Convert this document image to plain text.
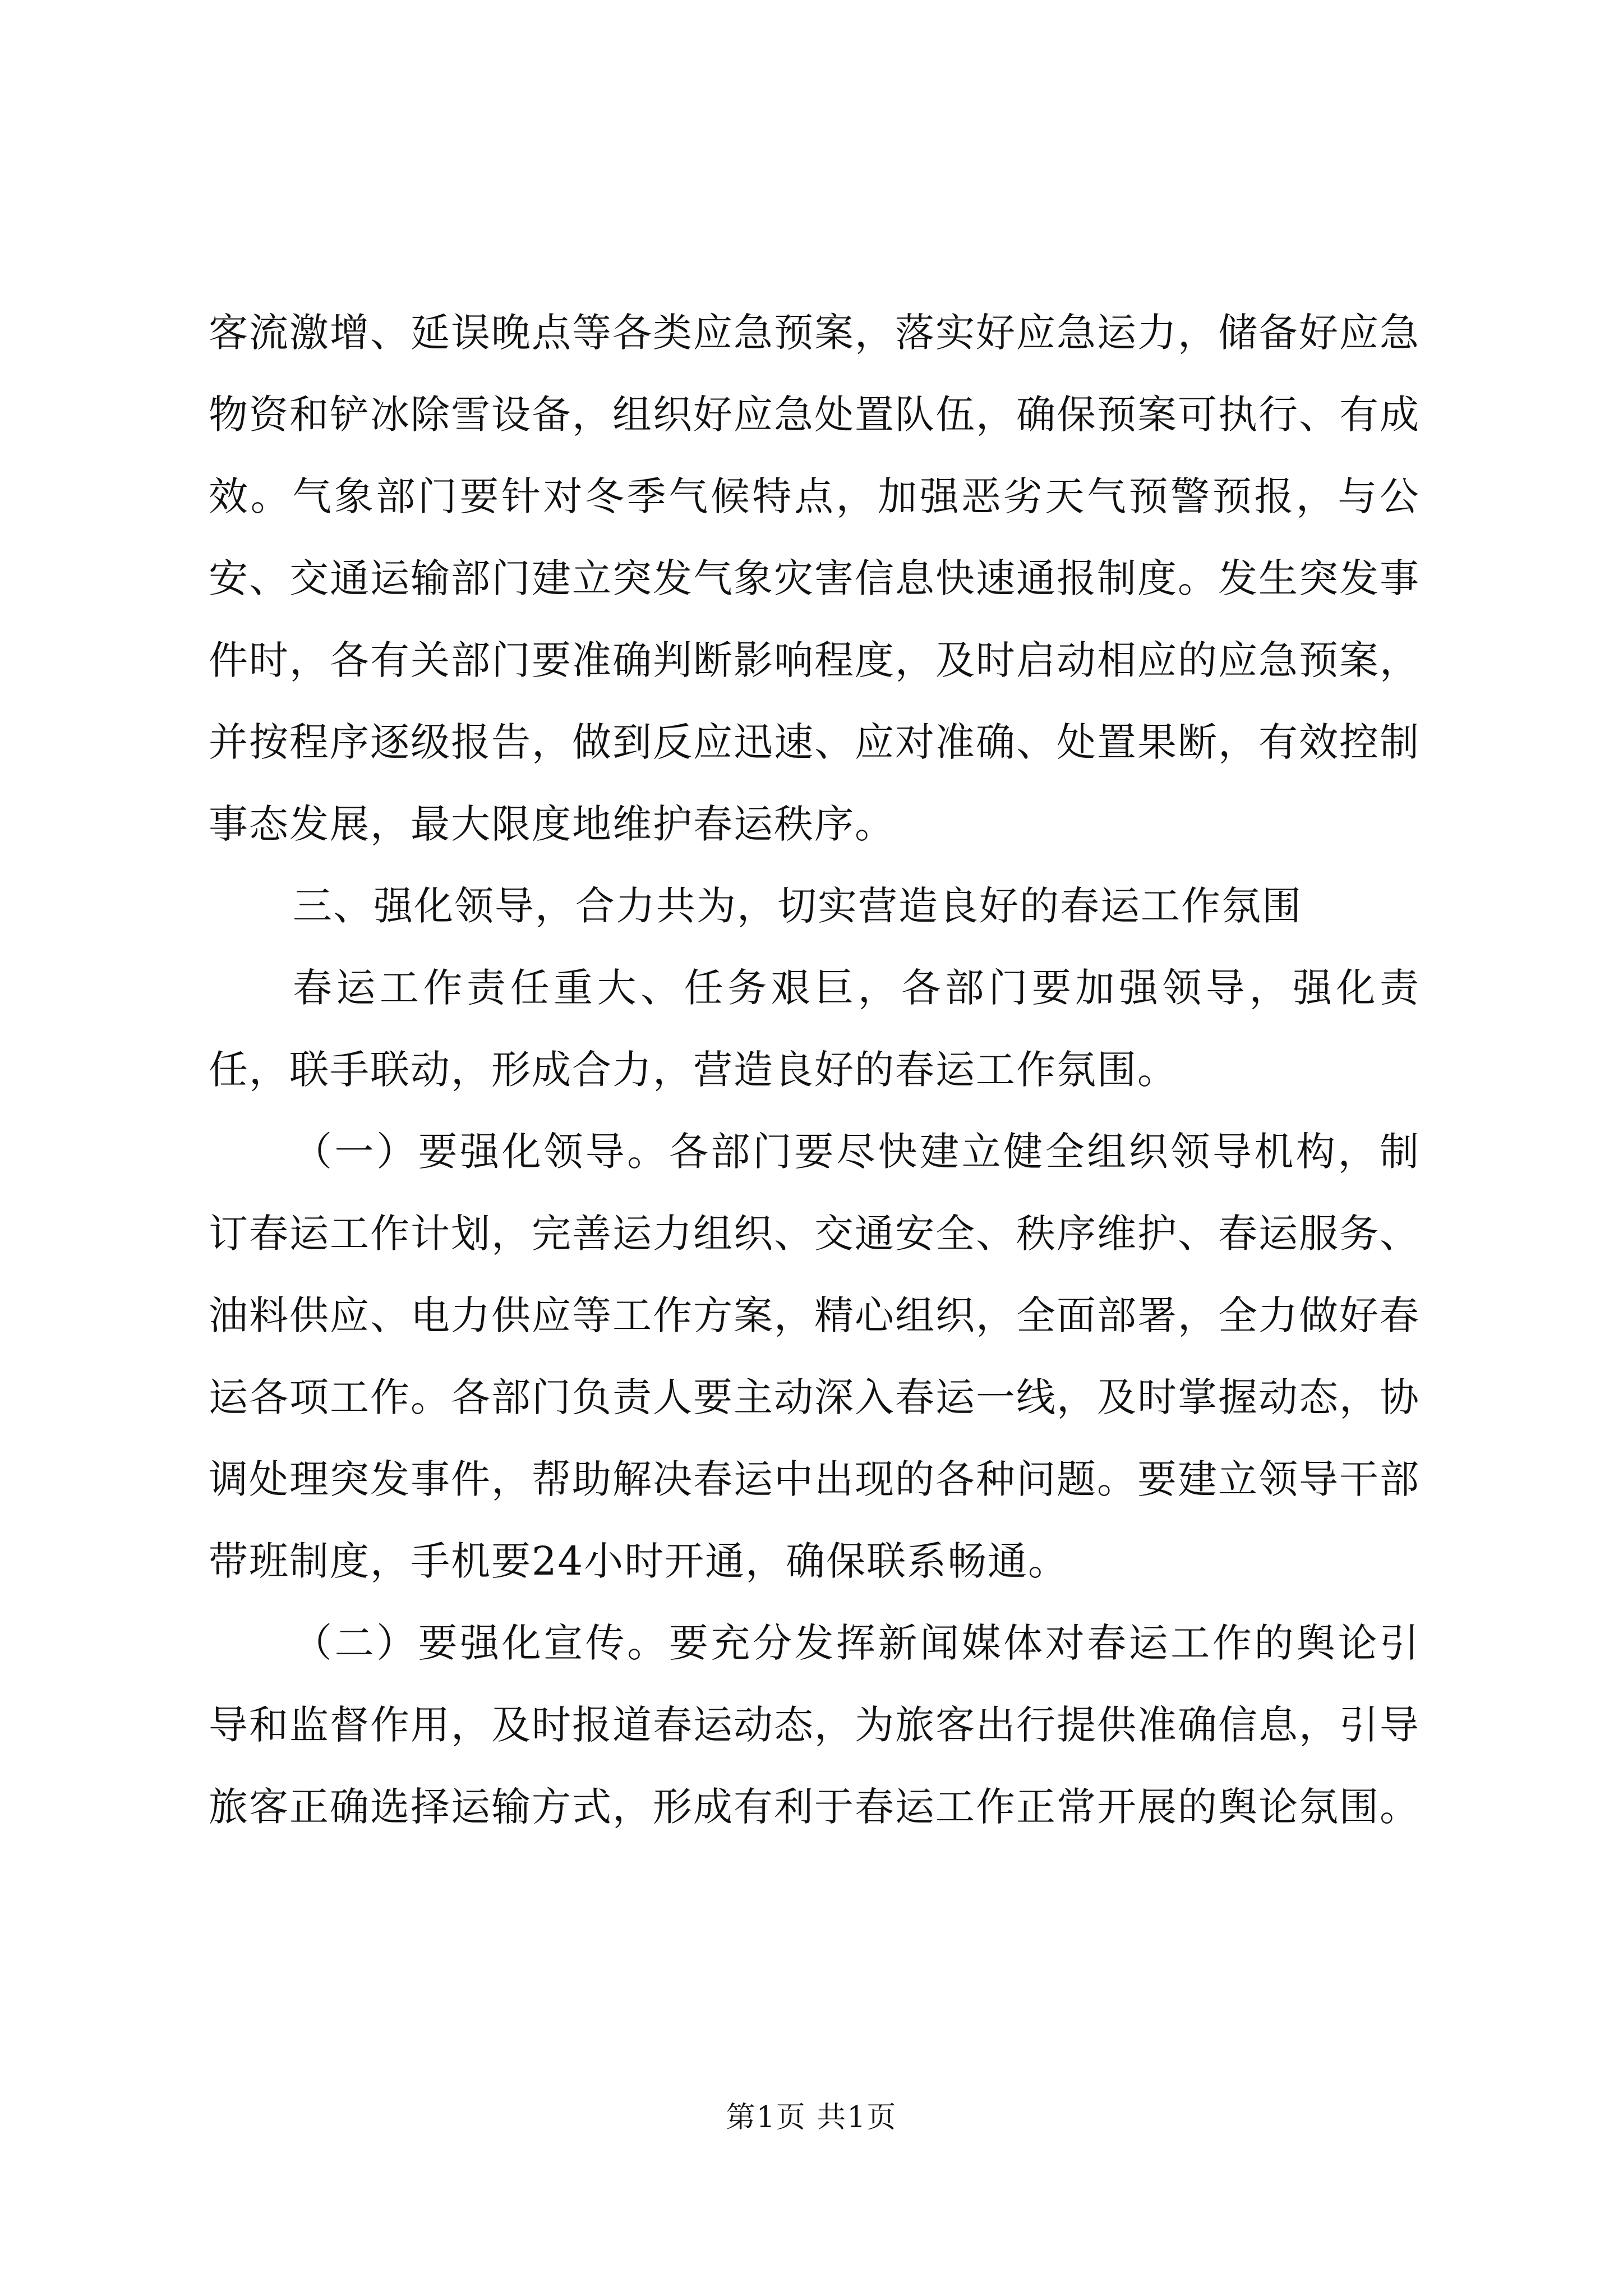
客流激增、延误晚点等各类应急预案，落实好应急运力，储备好应急物资和铲冰除雪设备，组织好应急处置队伍，确保预案可执行、有成效。气象部门要针对冬季气候特点，加强恶劣天气预警预报，与公安、交通运输部门建立突发气象灾害信息快速通报制度。发生突发事件时，各有关部门要准确判断影响程度，及时启动相应的应急预案，并按程序逐级报告，做到反应迅速、应对准确、处置果断，有效控制事态发展，最大限度地维护春运秩序。

三、强化领导，合力共为，切实营造良好的春运工作氛围

春运工作责任重大、任务艰巨，各部门要加强领导，强化责任，联手联动，形成合力，营造良好的春运工作氛围。

（一）要强化领导。各部门要尽快建立健全组织领导机构，制订春运工作计划，完善运力组织、交通安全、秩序维护、春运服务、油料供应、电力供应等工作方案，精心组织，全面部署，全力做好春运各项工作。各部门负责人要主动深入春运一线，及时掌握动态，协调处理突发事件，帮助解决春运中出现的各种问题。要建立领导干部带班制度，手机要24小时开通，确保联系畅通。

（二）要强化宣传。要充分发挥新闻媒体对春运工作的舆论引导和监督作用，及时报道春运动态，为旅客出行提供准确信息，引导旅客正确选择运输方式，形成有利于春运工作正常开展的舆论氛围。

第1页 共1页
